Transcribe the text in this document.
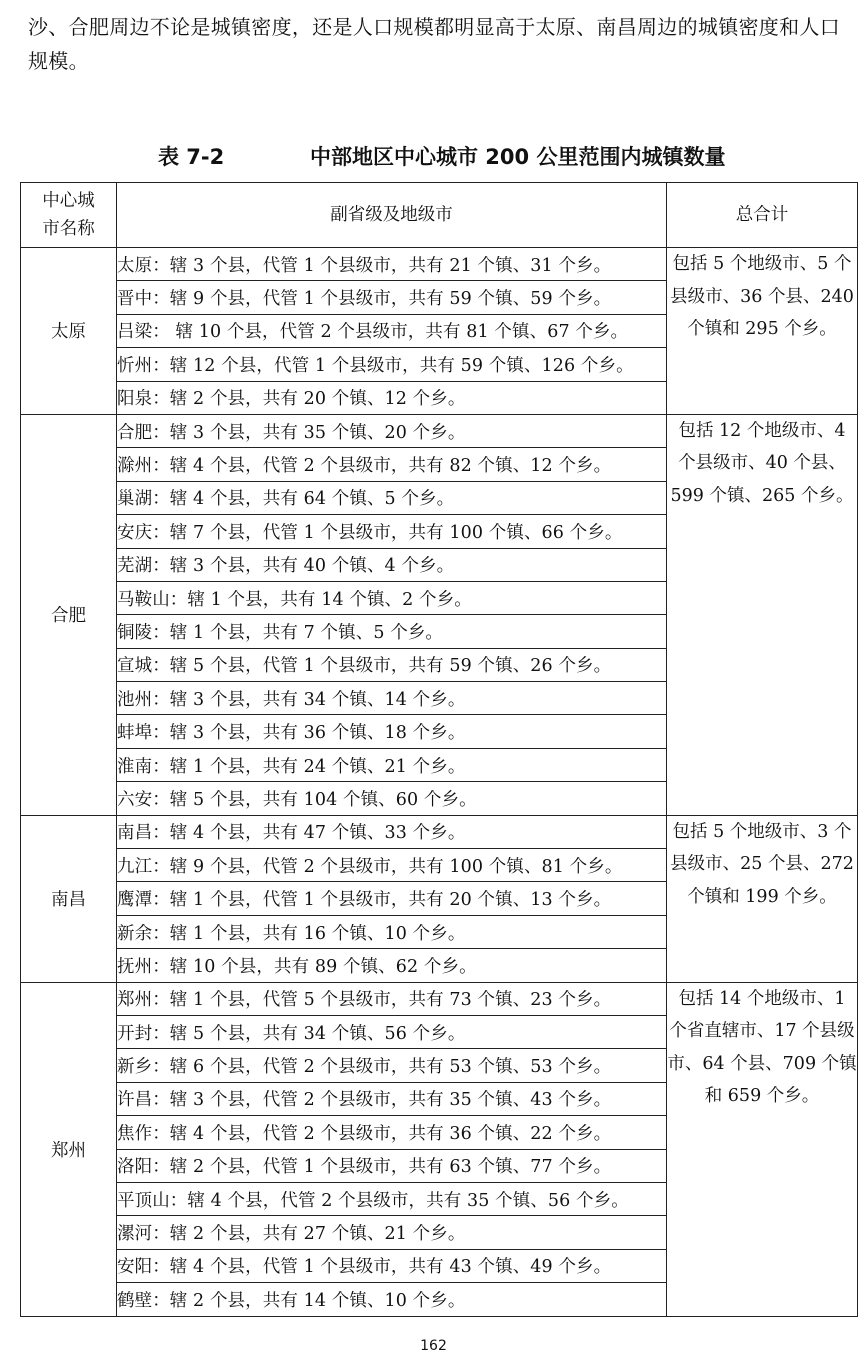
沙、合肥周边不论是城镇密度，还是人口规模都明显高于太原、南昌周边的城镇密度和人口规模。
表 7-2	中部地区中心城市 200 公里范围内城镇数量
中心城市名称	副省级及地级市	总合计
太原	太原：辖 3 个县，代管 1 个县级市，共有 21 个镇、31 个乡。	包括 5 个地级市、5 个县级市、36 个县、240 个镇和 295 个乡。

	晋中：辖 9 个县，代管 1 个县级市，共有 59 个镇、59 个乡。	
	吕梁： 辖 10 个县，代管 2 个县级市，共有 81 个镇、67 个乡。	
	忻州：辖 12 个县，代管 1 个县级市，共有 59 个镇、126 个乡。	
	阳泉：辖 2 个县，共有 20 个镇、12 个乡。	
合肥	合肥：辖 3 个县，共有 35 个镇、20 个乡。	包括 12 个地级市、4 个县级市、40 个县、599 个镇、265 个乡。

	滁州：辖 4 个县，代管 2 个县级市，共有 82 个镇、12 个乡。	
	巢湖：辖 4 个县，共有 64 个镇、5 个乡。	
	安庆：辖 7 个县，代管 1 个县级市，共有 100 个镇、66 个乡。	
	芜湖：辖 3 个县，共有 40 个镇、4 个乡。	
	马鞍山：辖 1 个县，共有 14 个镇、2 个乡。	
	铜陵：辖 1 个县，共有 7 个镇、5 个乡。	
	宣城：辖 5 个县，代管 1 个县级市，共有 59 个镇、26 个乡。	
	池州：辖 3 个县，共有 34 个镇、14 个乡。	
	蚌埠：辖 3 个县，共有 36 个镇、18 个乡。	
	淮南：辖 1 个县，共有 24 个镇、21 个乡。	
	六安：辖 5 个县，共有 104 个镇、60 个乡。	
南昌	南昌：辖 4 个县，共有 47 个镇、33 个乡。	包括 5 个地级市、3 个县级市、25 个县、272 个镇和 199 个乡。

	九江：辖 9 个县，代管 2 个县级市，共有 100 个镇、81 个乡。	
	鹰潭：辖 1 个县，代管 1 个县级市，共有 20 个镇、13 个乡。	
	新余：辖 1 个县，共有 16 个镇、10 个乡。	
	抚州：辖 10 个县，共有 89 个镇、62 个乡。	
郑州	郑州：辖 1 个县，代管 5 个县级市，共有 73 个镇、23 个乡。	包括 14 个地级市、1 个省直辖市、17 个县级市、64 个县、709 个镇和 659 个乡。

	开封：辖 5 个县，共有 34 个镇、56 个乡。	
	新乡：辖 6 个县，代管 2 个县级市，共有 53 个镇、53 个乡。	
	许昌：辖 3 个县，代管 2 个县级市，共有 35 个镇、43 个乡。	
	焦作：辖 4 个县，代管 2 个县级市，共有 36 个镇、22 个乡。	
	洛阳：辖 2 个县，代管 1 个县级市，共有 63 个镇、77 个乡。	
	平顶山：辖 4 个县，代管 2 个县级市，共有 35 个镇、56 个乡。	
	漯河：辖 2 个县，共有 27 个镇、21 个乡。	
	安阳：辖 4 个县，代管 1 个县级市，共有 43 个镇、49 个乡。	
	鹤壁：辖 2 个县，共有 14 个镇、10 个乡。	
162
